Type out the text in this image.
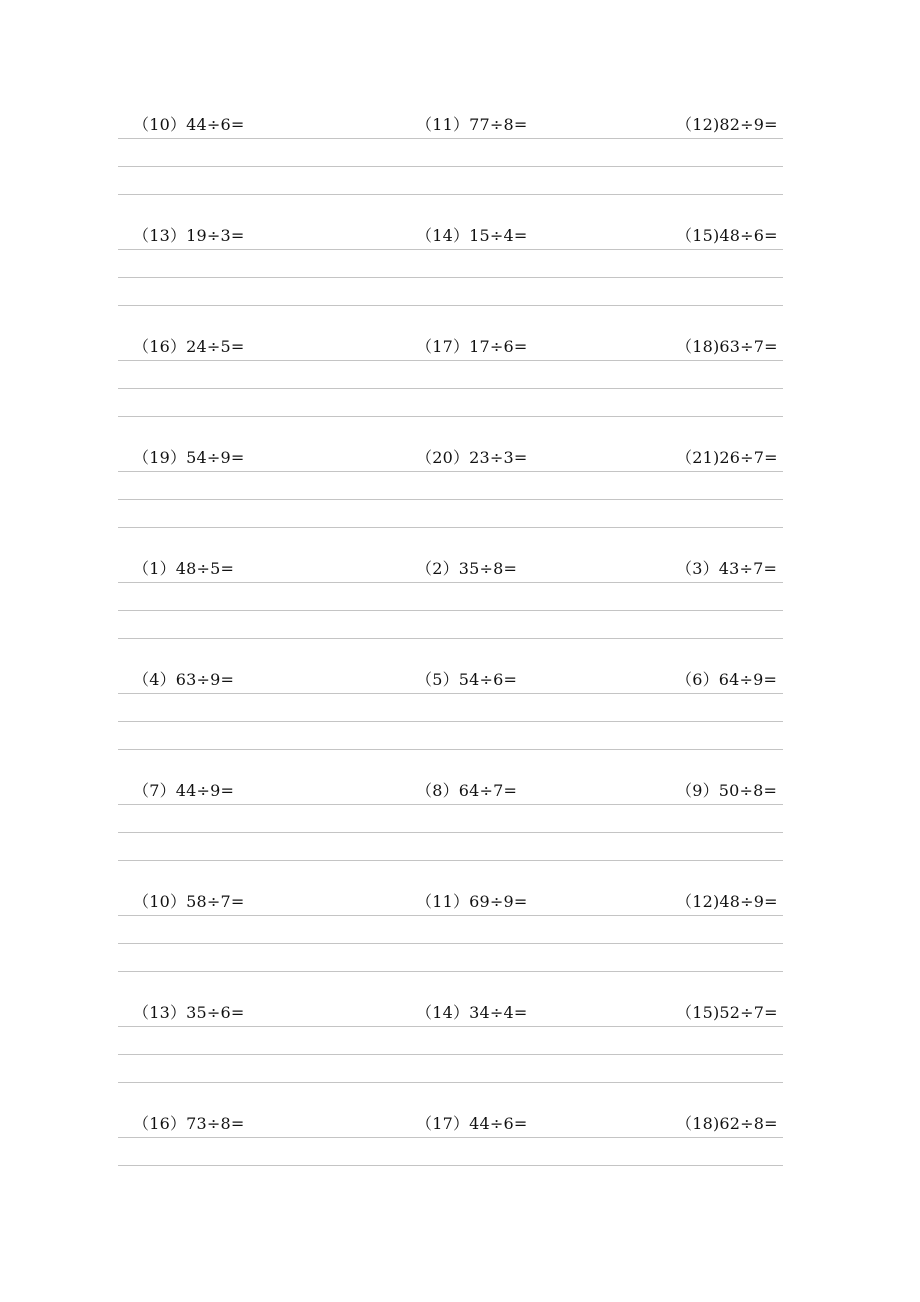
（10）44÷6=	（11）77÷8=	（12)82÷9=
（13）19÷3=	（14）15÷4=	（15)48÷6=
（16）24÷5=	（17）17÷6=	（18)63÷7=
（19）54÷9=	（20）23÷3=	（21)26÷7=
（1）48÷5=	（2）35÷8=	（3）43÷7=
（4）63÷9=	（5）54÷6=	（6）64÷9=
（7）44÷9=	（8）64÷7=	（9）50÷8=
（10）58÷7=	（11）69÷9=	（12)48÷9=
（13）35÷6=	（14）34÷4=	（15)52÷7=
（16）73÷8=	（17）44÷6=	（18)62÷8=
